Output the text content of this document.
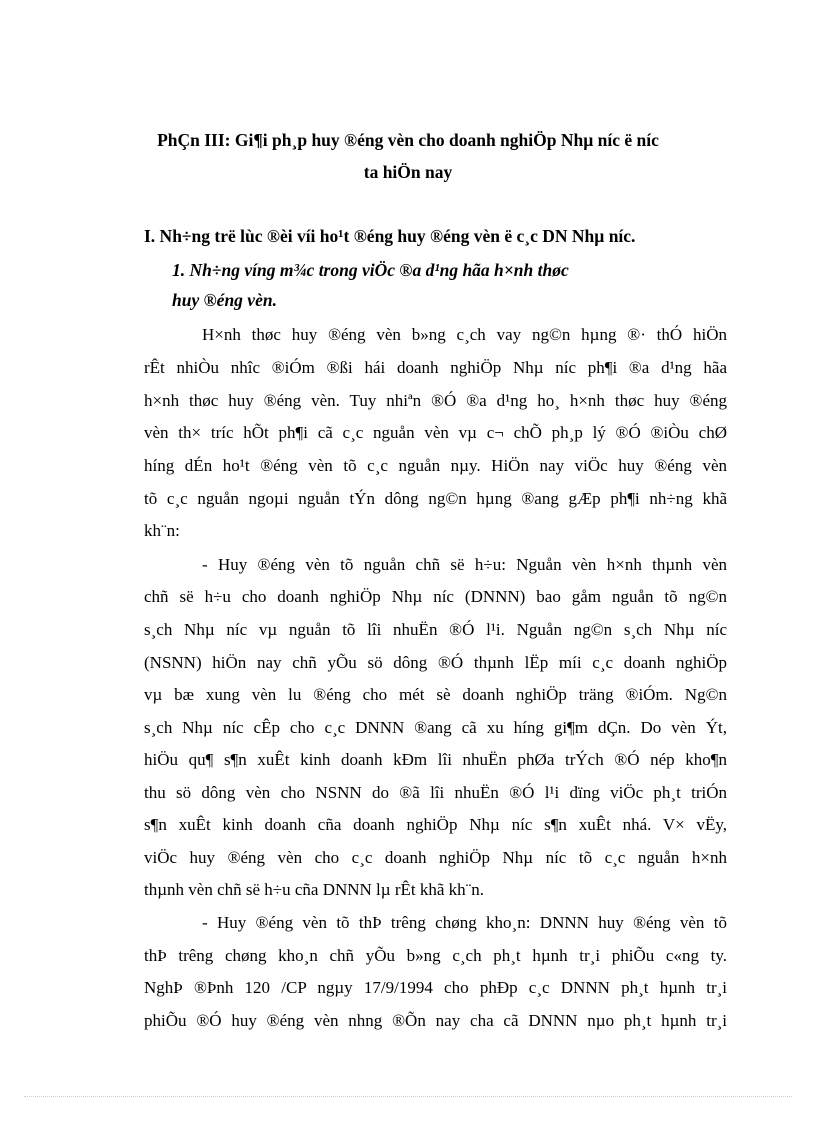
PhÇn III: Gi¶i ph¸p huy ®éng vèn cho doanh nghiÖp Nhµ níc ë níc
ta hiÖn nay
I. Nh÷ng trë lùc ®èi víi ho¹t ®éng huy ®éng vèn ë c¸c DN Nhµ níc.
1. Nh÷ng víng m¾c trong viÖc ®a d¹ng hãa h×nh thøc
huy ®éng vèn.
H×nh thøc huy ®éng vèn b»ng c¸ch vay ng©n hµng ®· thÓ hiÖn
rÊt nhiÒu nhîc ®iÓm ®ßi hái doanh nghiÖp Nhµ níc ph¶i ®a d¹ng hãa
h×nh thøc huy ®éng vèn. Tuy nhiªn ®Ó ®a d¹ng ho¸ h×nh thøc huy ®éng
vèn th× tríc hÕt ph¶i cã c¸c nguån vèn vµ c¬ chÕ ph¸p lý ®Ó ®iÒu chØ
híng dÉn ho¹t ®éng vèn tõ c¸c nguån nµy. HiÖn nay viÖc huy ®éng vèn
tõ c¸c nguån ngoµi nguån tÝn dông ng©n hµng ®ang gÆp ph¶i nh÷ng khã
kh¨n:
- Huy ®éng vèn tõ nguån chñ së h÷u: Nguån vèn h×nh thµnh vèn
chñ së h÷u cho doanh nghiÖp Nhµ níc (DNNN) bao gåm nguån tõ ng©n
s¸ch Nhµ níc vµ nguån tõ lîi nhuËn ®Ó l¹i. Nguån ng©n s¸ch Nhµ níc
(NSNN) hiÖn nay chñ yÕu sö dông ®Ó thµnh lËp míi c¸c doanh nghiÖp
vµ bæ xung vèn lu ®éng cho mét sè doanh nghiÖp träng ®iÓm. Ng©n
s¸ch Nhµ níc cÊp cho c¸c DNNN ®ang cã xu híng gi¶m dÇn. Do vèn Ýt,
hiÖu qu¶ s¶n xuÊt kinh doanh kÐm lîi nhuËn phØa trÝch ®Ó nép kho¶n
thu sö dông vèn cho NSNN do ®ã lîi nhuËn ®Ó l¹i dïng viÖc ph¸t triÓn
s¶n xuÊt kinh doanh cña doanh nghiÖp Nhµ níc s¶n xuÊt nhá. V× vËy,
viÖc huy ®éng vèn cho c¸c doanh nghiÖp Nhµ níc tõ c¸c nguån h×nh
thµnh vèn chñ së h÷u cña DNNN lµ rÊt khã kh¨n.
- Huy ®éng vèn tõ thÞ trêng chøng kho¸n: DNNN huy ®éng vèn tõ
thÞ trêng chøng kho¸n chñ yÕu b»ng c¸ch ph¸t hµnh tr¸i phiÕu c«ng ty.
NghÞ ®Þnh 120 /CP ngµy 17/9/1994 cho phÐp c¸c DNNN ph¸t hµnh tr¸i
phiÕu ®Ó huy ®éng vèn nhng ®Õn nay cha cã DNNN nµo ph¸t hµnh tr¸i
